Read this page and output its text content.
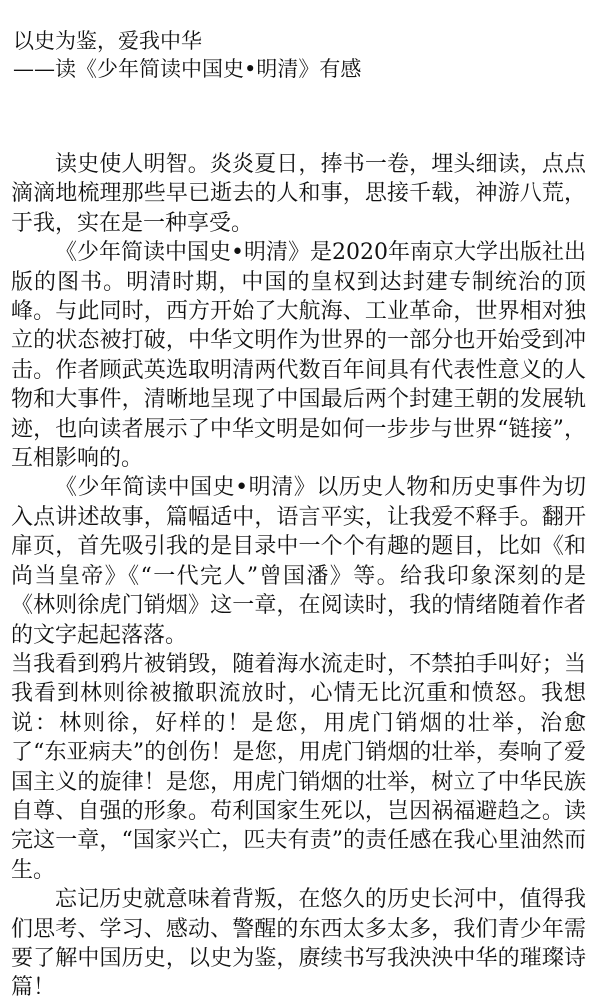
以史为鉴，爱我中华
——读《少年简读中国史•明清》有感

读史使人明智。炎炎夏日，捧书一卷，埋头细读，点点滴滴地梳理那些早已逝去的人和事，思接千载，神游八荒，于我，实在是一种享受。

《少年简读中国史•明清》是2020年南京大学出版社出版的图书。明清时期，中国的皇权到达封建专制统治的顶峰。与此同时，西方开始了大航海、工业革命，世界相对独立的状态被打破，中华文明作为世界的一部分也开始受到冲击。作者顾武英选取明清两代数百年间具有代表性意义的人物和大事件，清晰地呈现了中国最后两个封建王朝的发展轨迹，也向读者展示了中华文明是如何一步步与世界“链接”，互相影响的。

《少年简读中国史•明清》以历史人物和历史事件为切入点讲述故事，篇幅适中，语言平实，让我爱不释手。翻开扉页，首先吸引我的是目录中一个个有趣的题目，比如《和尚当皇帝》《“一代完人”曾国潘》等。给我印象深刻的是《林则徐虎门销烟》这一章，在阅读时，我的情绪随着作者的文字起起落落。

当我看到鸦片被销毁，随着海水流走时，不禁拍手叫好；当我看到林则徐被撤职流放时，心情无比沉重和愤怒。我想说：林则徐，好样的！是您，用虎门销烟的壮举，治愈了“东亚病夫”的创伤！是您，用虎门销烟的壮举，奏响了爱国主义的旋律！是您，用虎门销烟的壮举，树立了中华民族自尊、自强的形象。苟利国家生死以，岂因祸福避趋之。读完这一章，“国家兴亡，匹夫有责”的责任感在我心里油然而生。

忘记历史就意味着背叛，在悠久的历史长河中，值得我们思考、学习、感动、警醒的东西太多太多，我们青少年需要了解中国历史，以史为鉴，赓续书写我泱泱中华的璀璨诗篇！
